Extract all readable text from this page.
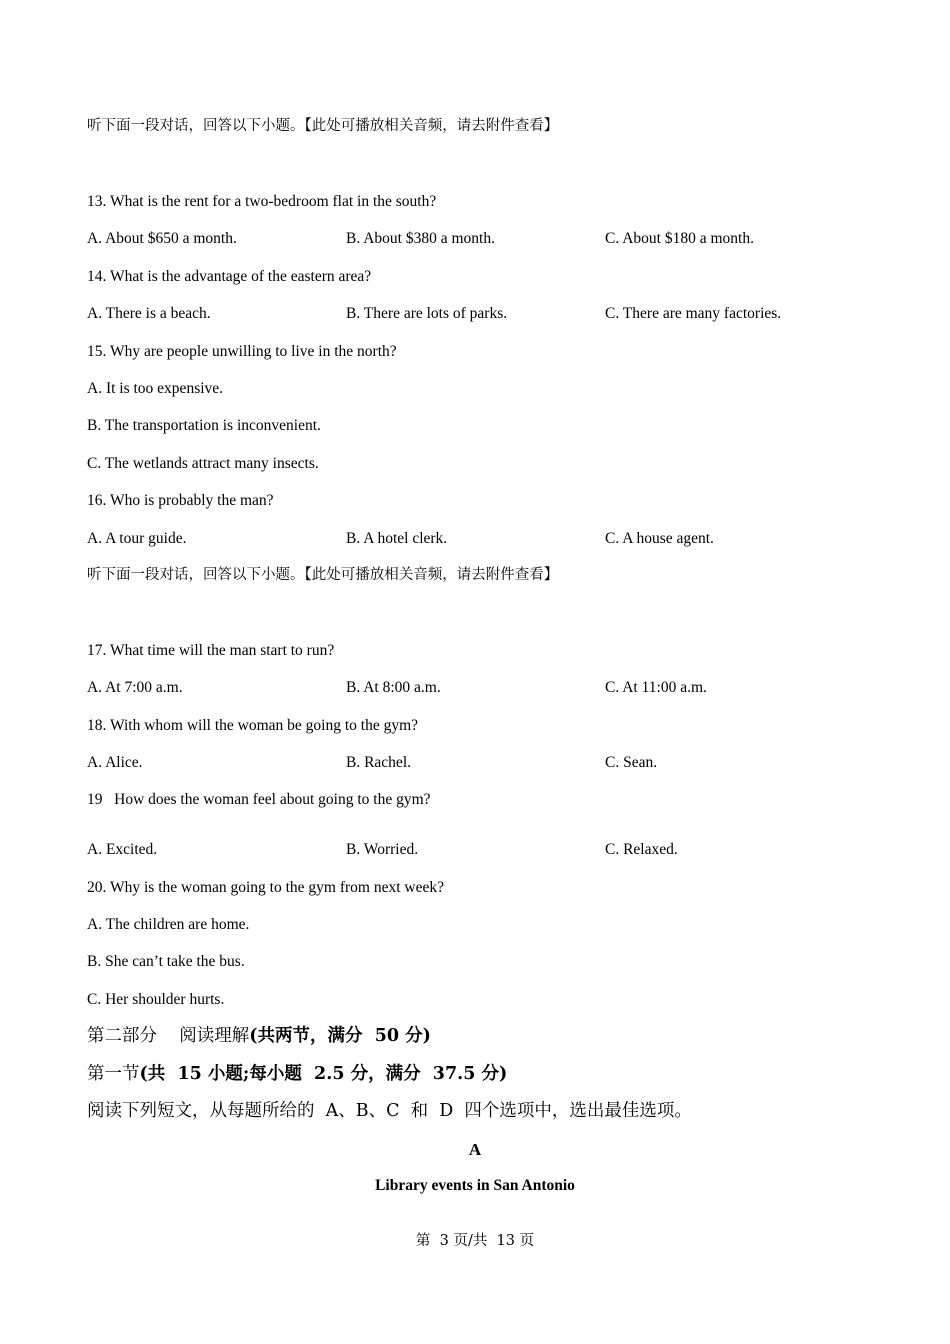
听下面一段对话，回答以下小题。【此处可播放相关音频，请去附件查看】
13. What is the rent for a two-bedroom flat in the south?
A. About $650 a month.	B. About $380 a month.	C. About $180 a month.
14. What is the advantage of the eastern area?
A. There is a beach.	B. There are lots of parks.	C. There are many factories.
15. Why are people unwilling to live in the north?
A. It is too expensive.
B. The transportation is inconvenient.
C. The wetlands attract many insects.
16. Who is probably the man?
A. A tour guide.	B. A hotel clerk.	C. A house agent.
听下面一段对话，回答以下小题。【此处可播放相关音频，请去附件查看】
17. What time will the man start to run?
A. At 7:00 a.m.	B. At 8:00 a.m.	C. At 11:00 a.m.
18. With whom will the woman be going to the gym?
A. Alice.	B. Rachel.	C. Sean.
19   How does the woman feel about going to the gym?
A. Excited.	B. Worried.	C. Relaxed.
20. Why is the woman going to the gym from next week?
A. The children are home.
B. She can’t take the bus.
C. Her shoulder hurts.
第二部分    阅读理解(共两节，满分  50 分)
第一节(共  15 小题;每小题  2.5 分，满分  37.5 分)
阅读下列短文，从每题所给的  A、B、C  和  D  四个选项中，选出最佳选项。
A
Library events in San Antonio
第  3 页/共  13 页
